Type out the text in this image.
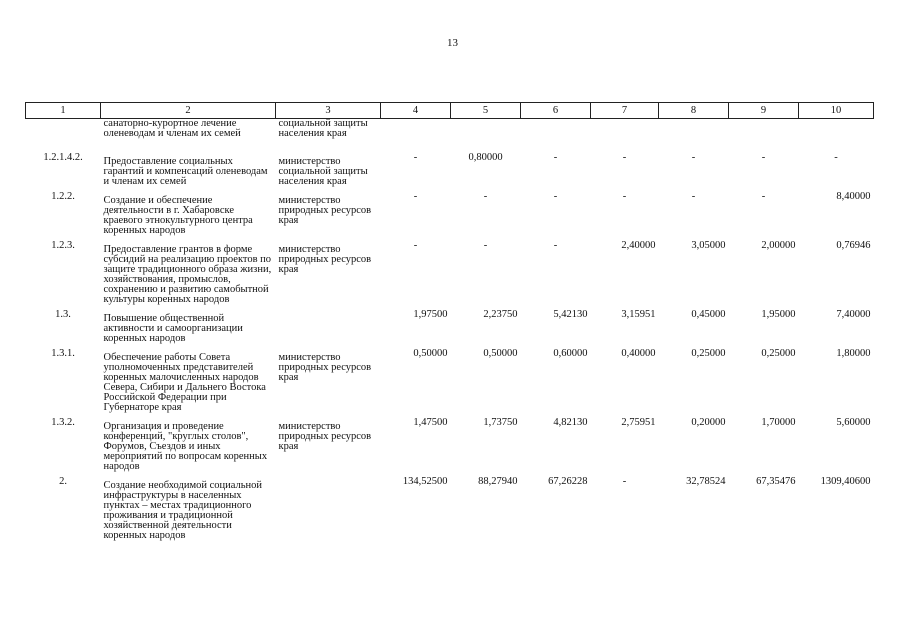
13
1	2	3	4	5	6	7	8	9	10
	санаторно-курортное лечение оленеводам и членам их семей	социальной защиты населения края							
1.2.1.4.2.	Предоставление социальных гарантий и компенсаций оленеводам и членам их семей	министерство социальной защиты населения края	-	0,80000	-	-	-	-	-
1.2.2.	Создание и обеспечение деятельности в г. Хабаровске краевого этнокультурного центра коренных народов	министерство природных ресурсов края	-	-	-	-	-	-	8,40000
1.2.3.	Предоставление грантов в форме субсидий на реализацию проектов по защите традиционного образа жизни, хозяйствования, промыслов, сохранению и развитию самобытной культуры коренных народов	министерство природных ресурсов края	-	-	-	2,40000	3,05000	2,00000	0,76946
1.3.	Повышение общественной активности и самоорганизации коренных народов		1,97500	2,23750	5,42130	3,15951	0,45000	1,95000	7,40000
1.3.1.	Обеспечение работы Совета уполномоченных представителей коренных малочисленных народов Севера, Сибири и Дальнего Востока Российской Федерации при Губернаторе края	министерство природных ресурсов края	0,50000	0,50000	0,60000	0,40000	0,25000	0,25000	1,80000
1.3.2.	Организация и проведение конференций, "круглых столов", Форумов, Съездов и иных мероприятий по вопросам коренных народов	министерство природных ресурсов края	1,47500	1,73750	4,82130	2,75951	0,20000	1,70000	5,60000
2.	Создание необходимой социальной инфраструктуры в населенных пунктах – местах традиционного проживания и традиционной хозяйственной деятельности коренных народов		134,52500	88,27940	67,26228	-	32,78524	67,35476	1309,40600
